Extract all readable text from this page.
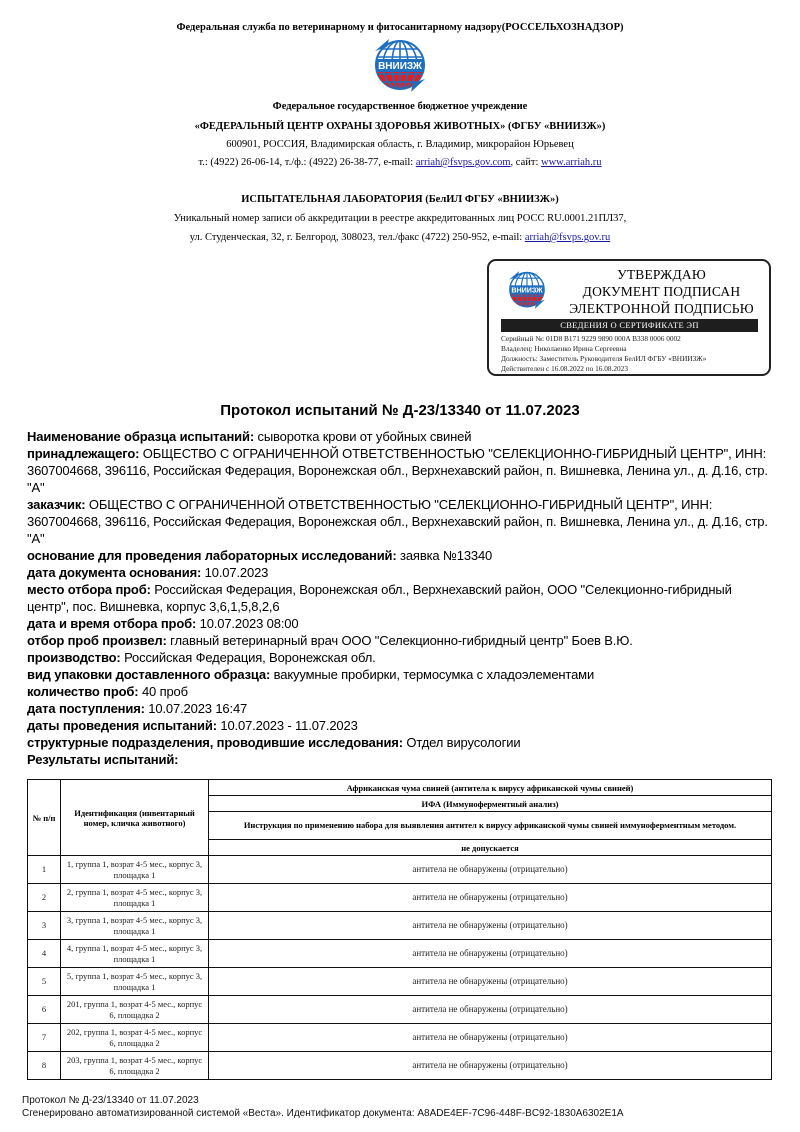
Федеральная служба по ветеринарному и фитосанитарному надзору(РОССЕЛЬХОЗНАДЗОР)
ВНИИЗЖ
Федеральное государственное бюджетное учреждение
«ФЕДЕРАЛЬНЫЙ ЦЕНТР ОХРАНЫ ЗДОРОВЬЯ ЖИВОТНЫХ» (ФГБУ «ВНИИЗЖ»)
600901, РОССИЯ, Владимирская область, г. Владимир, микрорайон Юрьевец
т.: (4922) 26-06-14, т./ф.: (4922) 26-38-77, e-mail: arriah@fsvps.gov.com, сайт: www.arriah.ru
ИСПЫТАТЕЛЬНАЯ ЛАБОРАТОРИЯ (БелИЛ ФГБУ «ВНИИЗЖ»)
Уникальный номер записи об аккредитации в реестре аккредитованных лиц РОСС RU.0001.21ПЛ37,
ул. Студенческая, 32, г. Белгород, 308023, тел./факс (4722) 250-952, e-mail: arriah@fsvps.gov.ru
ВНИИЗЖ
УТВЕРЖДАЮ
ДОКУМЕНТ ПОДПИСАН
ЭЛЕКТРОННОЙ ПОДПИСЬЮ
СВЕДЕНИЯ О СЕРТИФИКАТЕ ЭП
Серийный №: 01D8 B171 9229 9890 000A B338 0006 0002
Владелец: Николаенко Ирина Сергеевна
Должность: Заместитель Руководителя БелИЛ ФГБУ «ВНИИЗЖ»
Действителен с 16.08.2022 по 16.08.2023
Протокол испытаний № Д-23/13340 от 11.07.2023

Наименование образца испытаний: сыворотка крови от убойных свиней

принадлежащего: ОБЩЕСТВО С ОГРАНИЧЕННОЙ ОТВЕТСТВЕННОСТЬЮ "СЕЛЕКЦИОННО-ГИБРИДНЫЙ ЦЕНТР", ИНН: 3607004668, 396116, Российская Федерация, Воронежская обл., Верхнехавский район, п. Вишневка, Ленина ул., д. Д.16, стр. "А"

заказчик: ОБЩЕСТВО С ОГРАНИЧЕННОЙ ОТВЕТСТВЕННОСТЬЮ "СЕЛЕКЦИОННО-ГИБРИДНЫЙ ЦЕНТР", ИНН: 3607004668, 396116, Российская Федерация, Воронежская обл., Верхнехавский район, п. Вишневка, Ленина ул., д. Д.16, стр. "А"

основание для проведения лабораторных исследований: заявка №13340

дата документа основания: 10.07.2023

место отбора проб: Российская Федерация, Воронежская обл., Верхнехавский район, ООО "Селекционно-гибридный центр", пос. Вишневка, корпус 3,6,1,5,8,2,6

дата и время отбора проб: 10.07.2023 08:00

отбор проб произвел: главный ветеринарный врач ООО "Селекционно-гибридный центр" Боев В.Ю.

производство: Российская Федерация, Воронежская обл.

вид упаковки доставленного образца: вакуумные пробирки, термосумка с хладоэлементами

количество проб: 40 проб

дата поступления: 10.07.2023 16:47

даты проведения испытаний: 10.07.2023 - 11.07.2023

структурные подразделения, проводившие исследования: Отдел вирусологии

Результаты испытаний:

№ п/п	Идентификация (инвентарный номер, кличка животного)	Африканская чума свиней (антитела к вирусу африканской чумы свиней)
		ИФА (Иммуноферментный анализ)
		Инструкция по применению набора для выявления антител к вирусу африканской чумы свиней иммуноферментным методом.
		не допускается
1	1, группа 1, возрат 4-5 мес., корпус 3, площадка 1	антитела не обнаружены (отрицательно)
2	2, группа 1, возрат 4-5 мес., корпус 3, площадка 1	антитела не обнаружены (отрицательно)
3	3, группа 1, возрат 4-5 мес., корпус 3, площадка 1	антитела не обнаружены (отрицательно)
4	4, группа 1, возрат 4-5 мес., корпус 3, площадка 1	антитела не обнаружены (отрицательно)
5	5, группа 1, возрат 4-5 мес., корпус 3, площадка 1	антитела не обнаружены (отрицательно)
6	201, группа 1, возрат 4-5 мес., корпус 6, площадка 2	антитела не обнаружены (отрицательно)
7	202, группа 1, возрат 4-5 мес., корпус 6, площадка 2	антитела не обнаружены (отрицательно)
8	203, группа 1, возрат 4-5 мес., корпус 6, площадка 2	антитела не обнаружены (отрицательно)
Протокол № Д-23/13340 от 11.07.2023
Сгенерировано автоматизированной системой «Веста». Идентификатор документа: A8ADE4EF-7C96-448F-BC92-1830A6302E1A
